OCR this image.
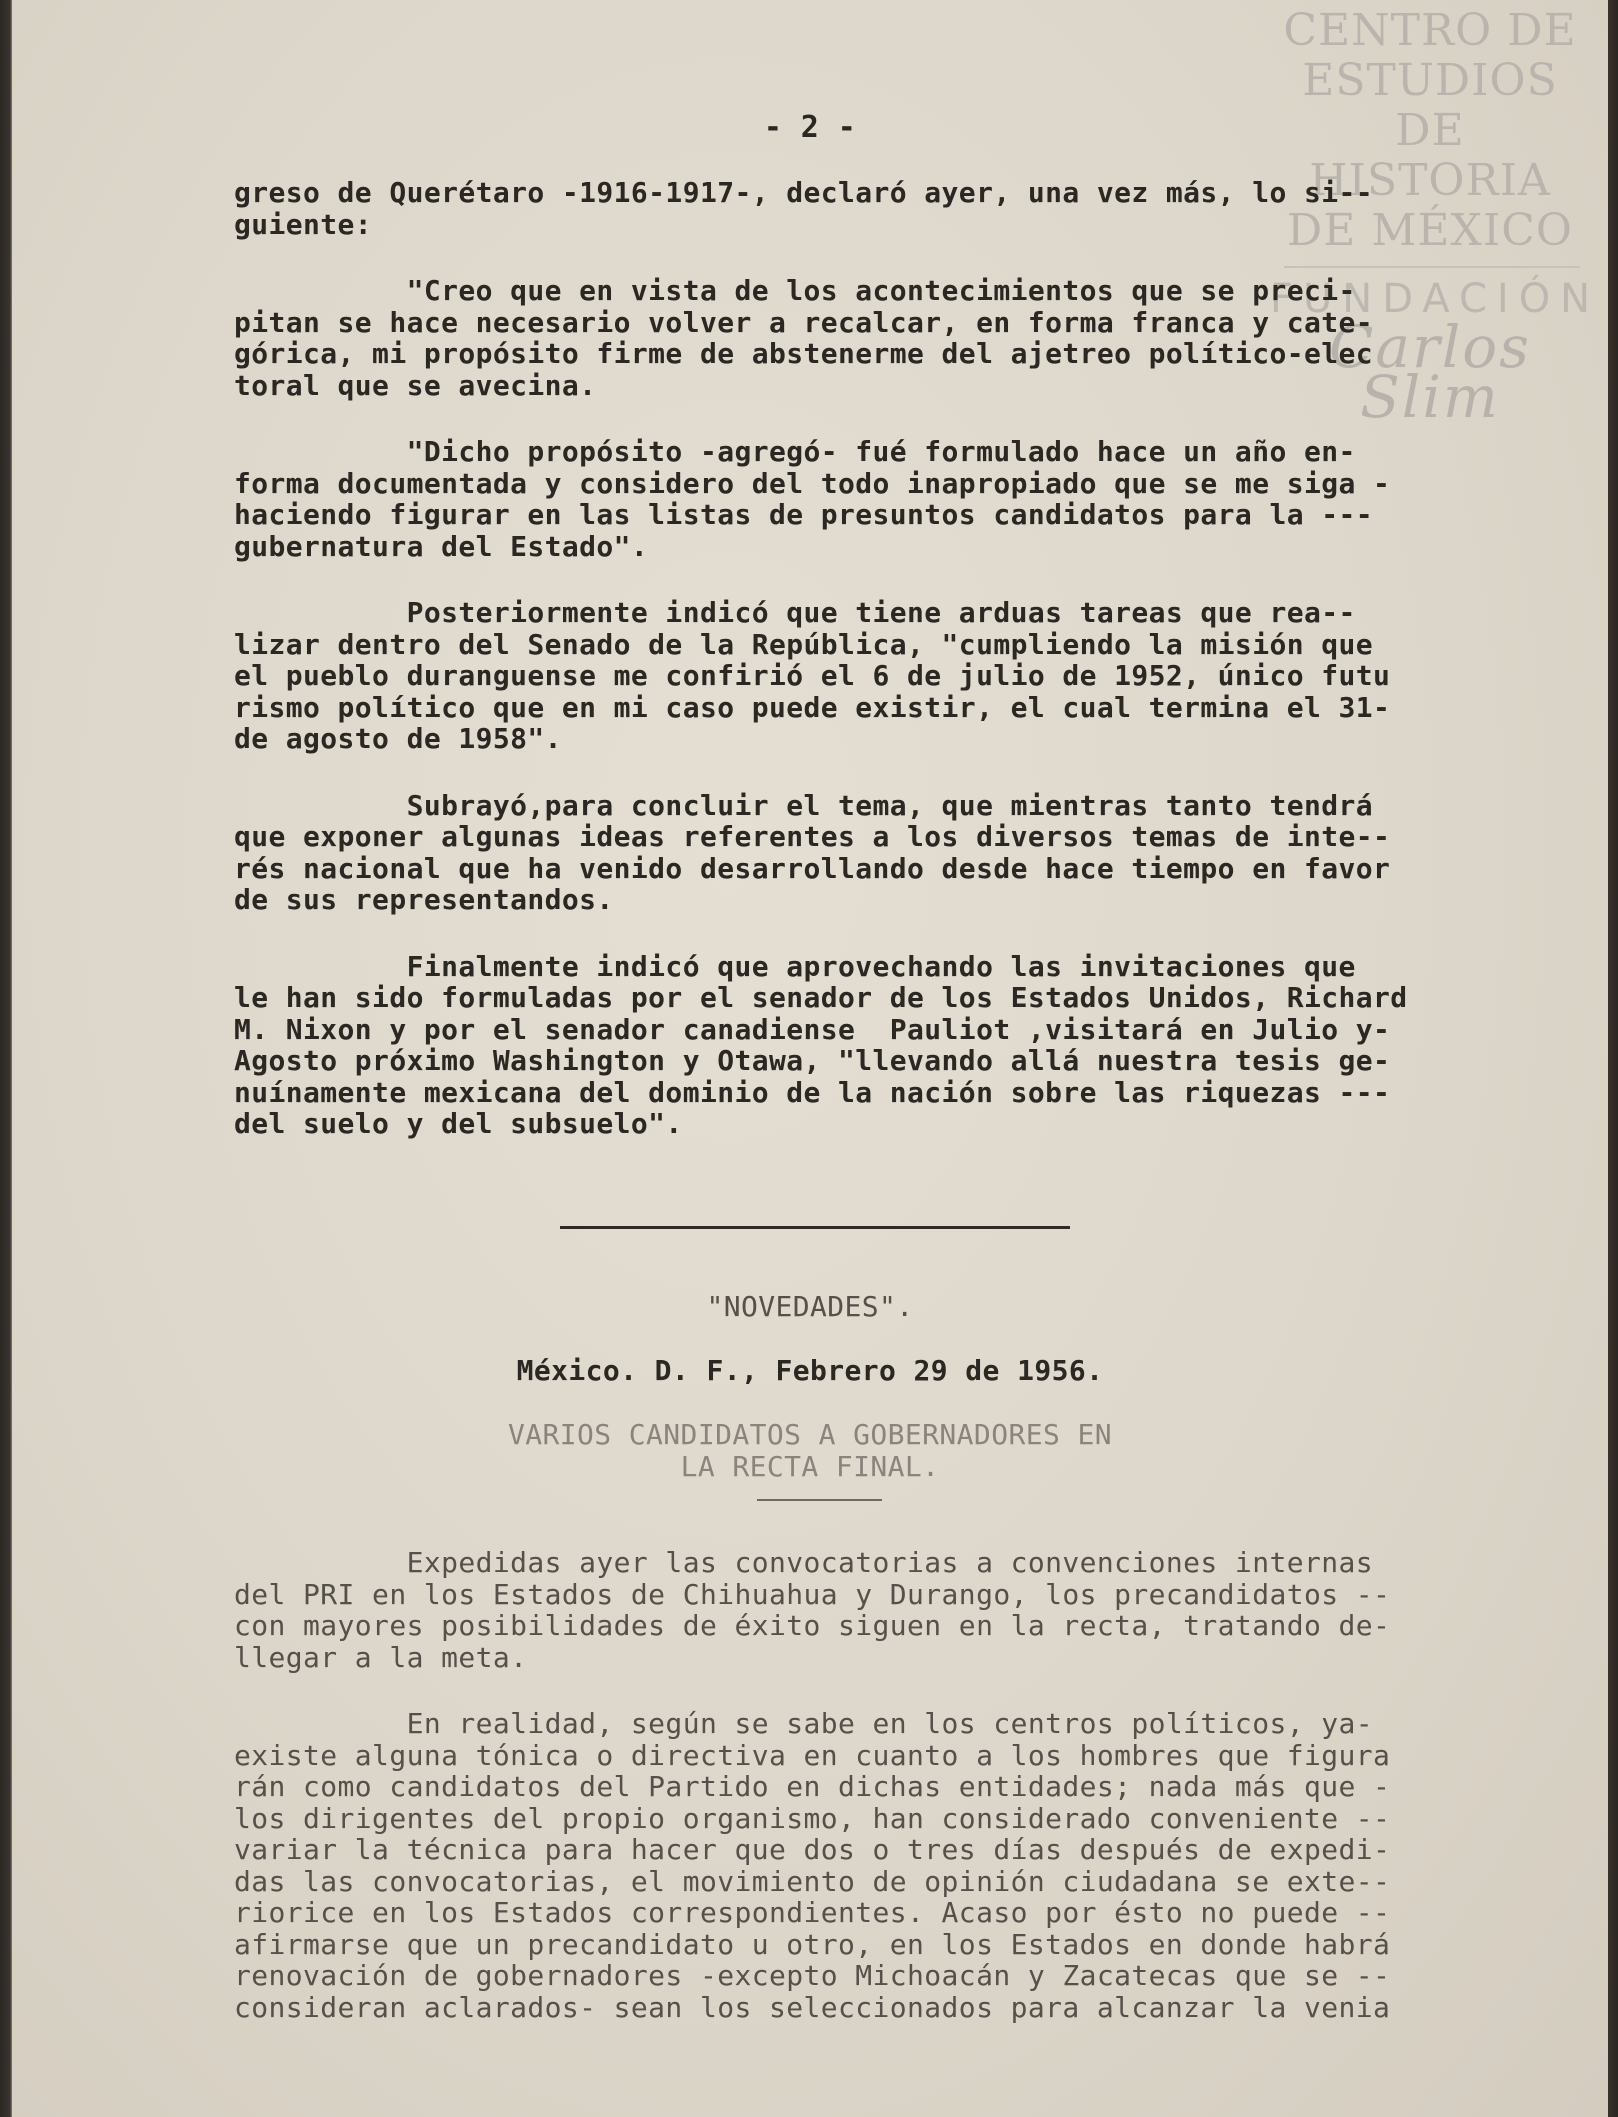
CENTRO DE
ESTUDIOS
DE HISTORIA
DE MÉXICO
FUNDACIÓN
Carlos Slim

- 2 -

greso de Querétaro -1916-1917-, declaró ayer, una vez más, lo si--
guiente:
"Creo que en vista de los acontecimientos que se preci-
pitan se hace necesario volver a recalcar, en forma franca y cate-
górica, mi propósito firme de abstenerme del ajetreo político-elec
toral que se avecina.
"Dicho propósito -agregó- fué formulado hace un año en-
forma documentada y considero del todo inapropiado que se me siga -
haciendo figurar en las listas de presuntos candidatos para la ---
gubernatura del Estado".
Posteriormente indicó que tiene arduas tareas que rea--
lizar dentro del Senado de la República, "cumpliendo la misión que
el pueblo duranguense me confirió el 6 de julio de 1952, único futu
rismo político que en mi caso puede existir, el cual termina el 31-
de agosto de 1958".
Subrayó,para concluir el tema, que mientras tanto tendrá
que exponer algunas ideas referentes a los diversos temas de inte--
rés nacional que ha venido desarrollando desde hace tiempo en favor
de sus representandos.
Finalmente indicó que aprovechando las invitaciones que
le han sido formuladas por el senador de los Estados Unidos, Richard
M. Nixon y por el senador canadiense  Pauliot ,visitará en Julio y-
Agosto próximo Washington y Otawa, "llevando allá nuestra tesis ge-
nuínamente mexicana del dominio de la nación sobre las riquezas ---
del suelo y del subsuelo".

"NOVEDADES".

México. D. F., Febrero 29 de 1956.

VARIOS CANDIDATOS A GOBERNADORES EN

LA RECTA FINAL.

Expedidas ayer las convocatorias a convenciones internas
del PRI en los Estados de Chihuahua y Durango, los precandidatos --
con mayores posibilidades de éxito siguen en la recta, tratando de-
llegar a la meta.
En realidad, según se sabe en los centros políticos, ya-
existe alguna tónica o directiva en cuanto a los hombres que figura
rán como candidatos del Partido en dichas entidades; nada más que -
los dirigentes del propio organismo, han considerado conveniente --
variar la técnica para hacer que dos o tres días después de expedi-
das las convocatorias, el movimiento de opinión ciudadana se exte--
riorice en los Estados correspondientes. Acaso por ésto no puede --
afirmarse que un precandidato u otro, en los Estados en donde habrá
renovación de gobernadores -excepto Michoacán y Zacatecas que se --
consideran aclarados- sean los seleccionados para alcanzar la venia
